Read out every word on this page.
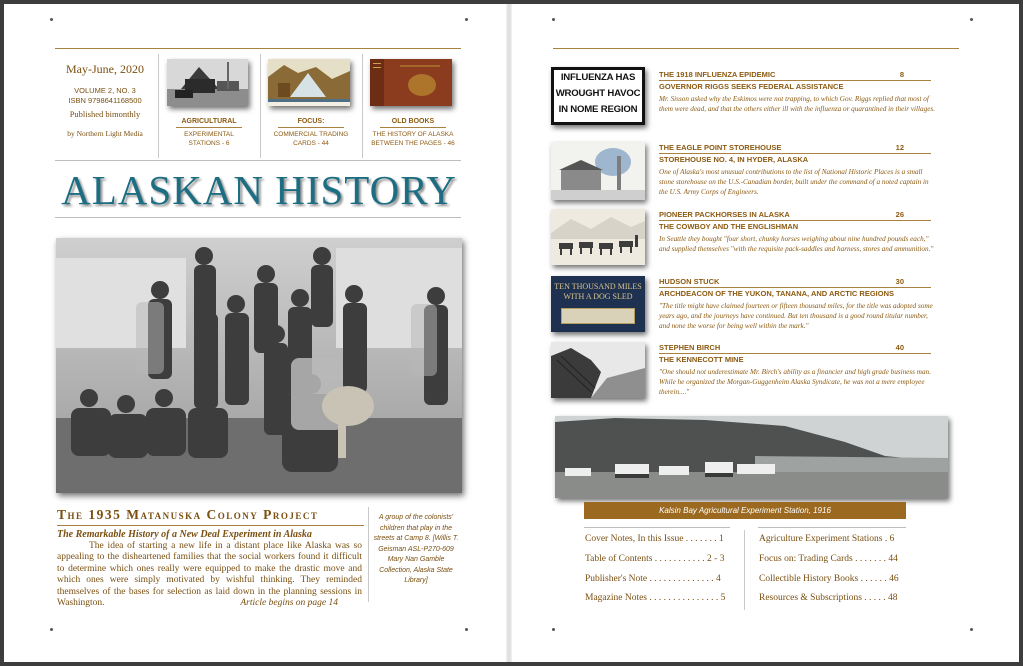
May-June, 2020
VOLUME 2, NO. 3
ISBN 9798641168500
Published bimonthly
by Northern Light Media
AGRICULTURAL
EXPERIMENTAL
STATIONS - 6
FOCUS:
COMMERCIAL TRADING
CARDS - 44
OLD BOOKS
THE HISTORY OF ALASKA
BETWEEN THE PAGES - 46
ALASKAN HISTORY
The 1935 Matanuska Colony Project
The Remarkable History of a New Deal Experiment in Alaska
The idea of starting a new life in a distant place like Alaska was so appealing to the disheartened families that the social workers found it difficult to determine which ones really were equipped to make the drastic move and which ones were simply motivated by wishful thinking. They reminded themselves of the bases for selection as laid down in the planning sessions in Washington.	Article begins on page 14
A group of the colonists' children that play in the streets at Camp 8. [Willis T. Geisman ASL-P270-609 Mary Nan Gamble Collection, Alaska State Library]
INFLUENZA HAS
WROUGHT HAVOC
IN NOME REGION
THE 1918 INFLUENZA EPIDEMIC	8
GOVERNOR RIGGS SEEKS FEDERAL ASSISTANCE
Mr. Sisson asked why the Eskimos were not trapping, to which Gov. Riggs replied that most of them were dead, and that the others either ill with the influenza or quarantined in their villages.
THE EAGLE POINT STOREHOUSE	12
STOREHOUSE NO. 4, IN HYDER, ALASKA
One of Alaska's most unusual contributions to the list of National Historic Places is a small stone storehouse on the U.S.-Canadian border, built under the command of a noted captain in the U.S. Army Corps of Engineers.
PIONEER PACKHORSES IN ALASKA	26
THE COWBOY AND THE ENGLISHMAN
In Seattle they bought "four short, chunky horses weighing about nine hundred pounds each," and supplied themselves "with the requisite pack-saddles and harness, stores and ammunition."
TEN THOUSAND MILES
WITH A DOG SLED
HUDSON STUCK	30
ARCHDEACON OF THE YUKON, TANANA, AND ARCTIC REGIONS
"The title might have claimed fourteen or fifteen thousand miles, for the title was adopted some years ago, and the journeys have continued. But ten thousand is a good round titular number, and none the worse for being well within the mark."
STEPHEN BIRCH	40
THE KENNECOTT MINE
"One should not underestimate Mr. Birch's ability as a financier and high grade business man. While he organized the Morgan-Guggenheim Alaska Syndicate, he was not a mere employee therein...."
Kalsin Bay Agricultural Experiment Station, 1916
Cover Notes, In this Issue . . . . . . . 1
Table of Contents . . . . . . . . . . . 2 - 3
Publisher's Note . . . . . . . . . . . . . . 4
Magazine Notes . . . . . . . . . . . . . . . 5
Agriculture Experiment Stations . 6
Focus on: Trading Cards . . . . . . . 44
Collectible History Books . . . . . . 46
Resources & Subscriptions . . . . . 48
